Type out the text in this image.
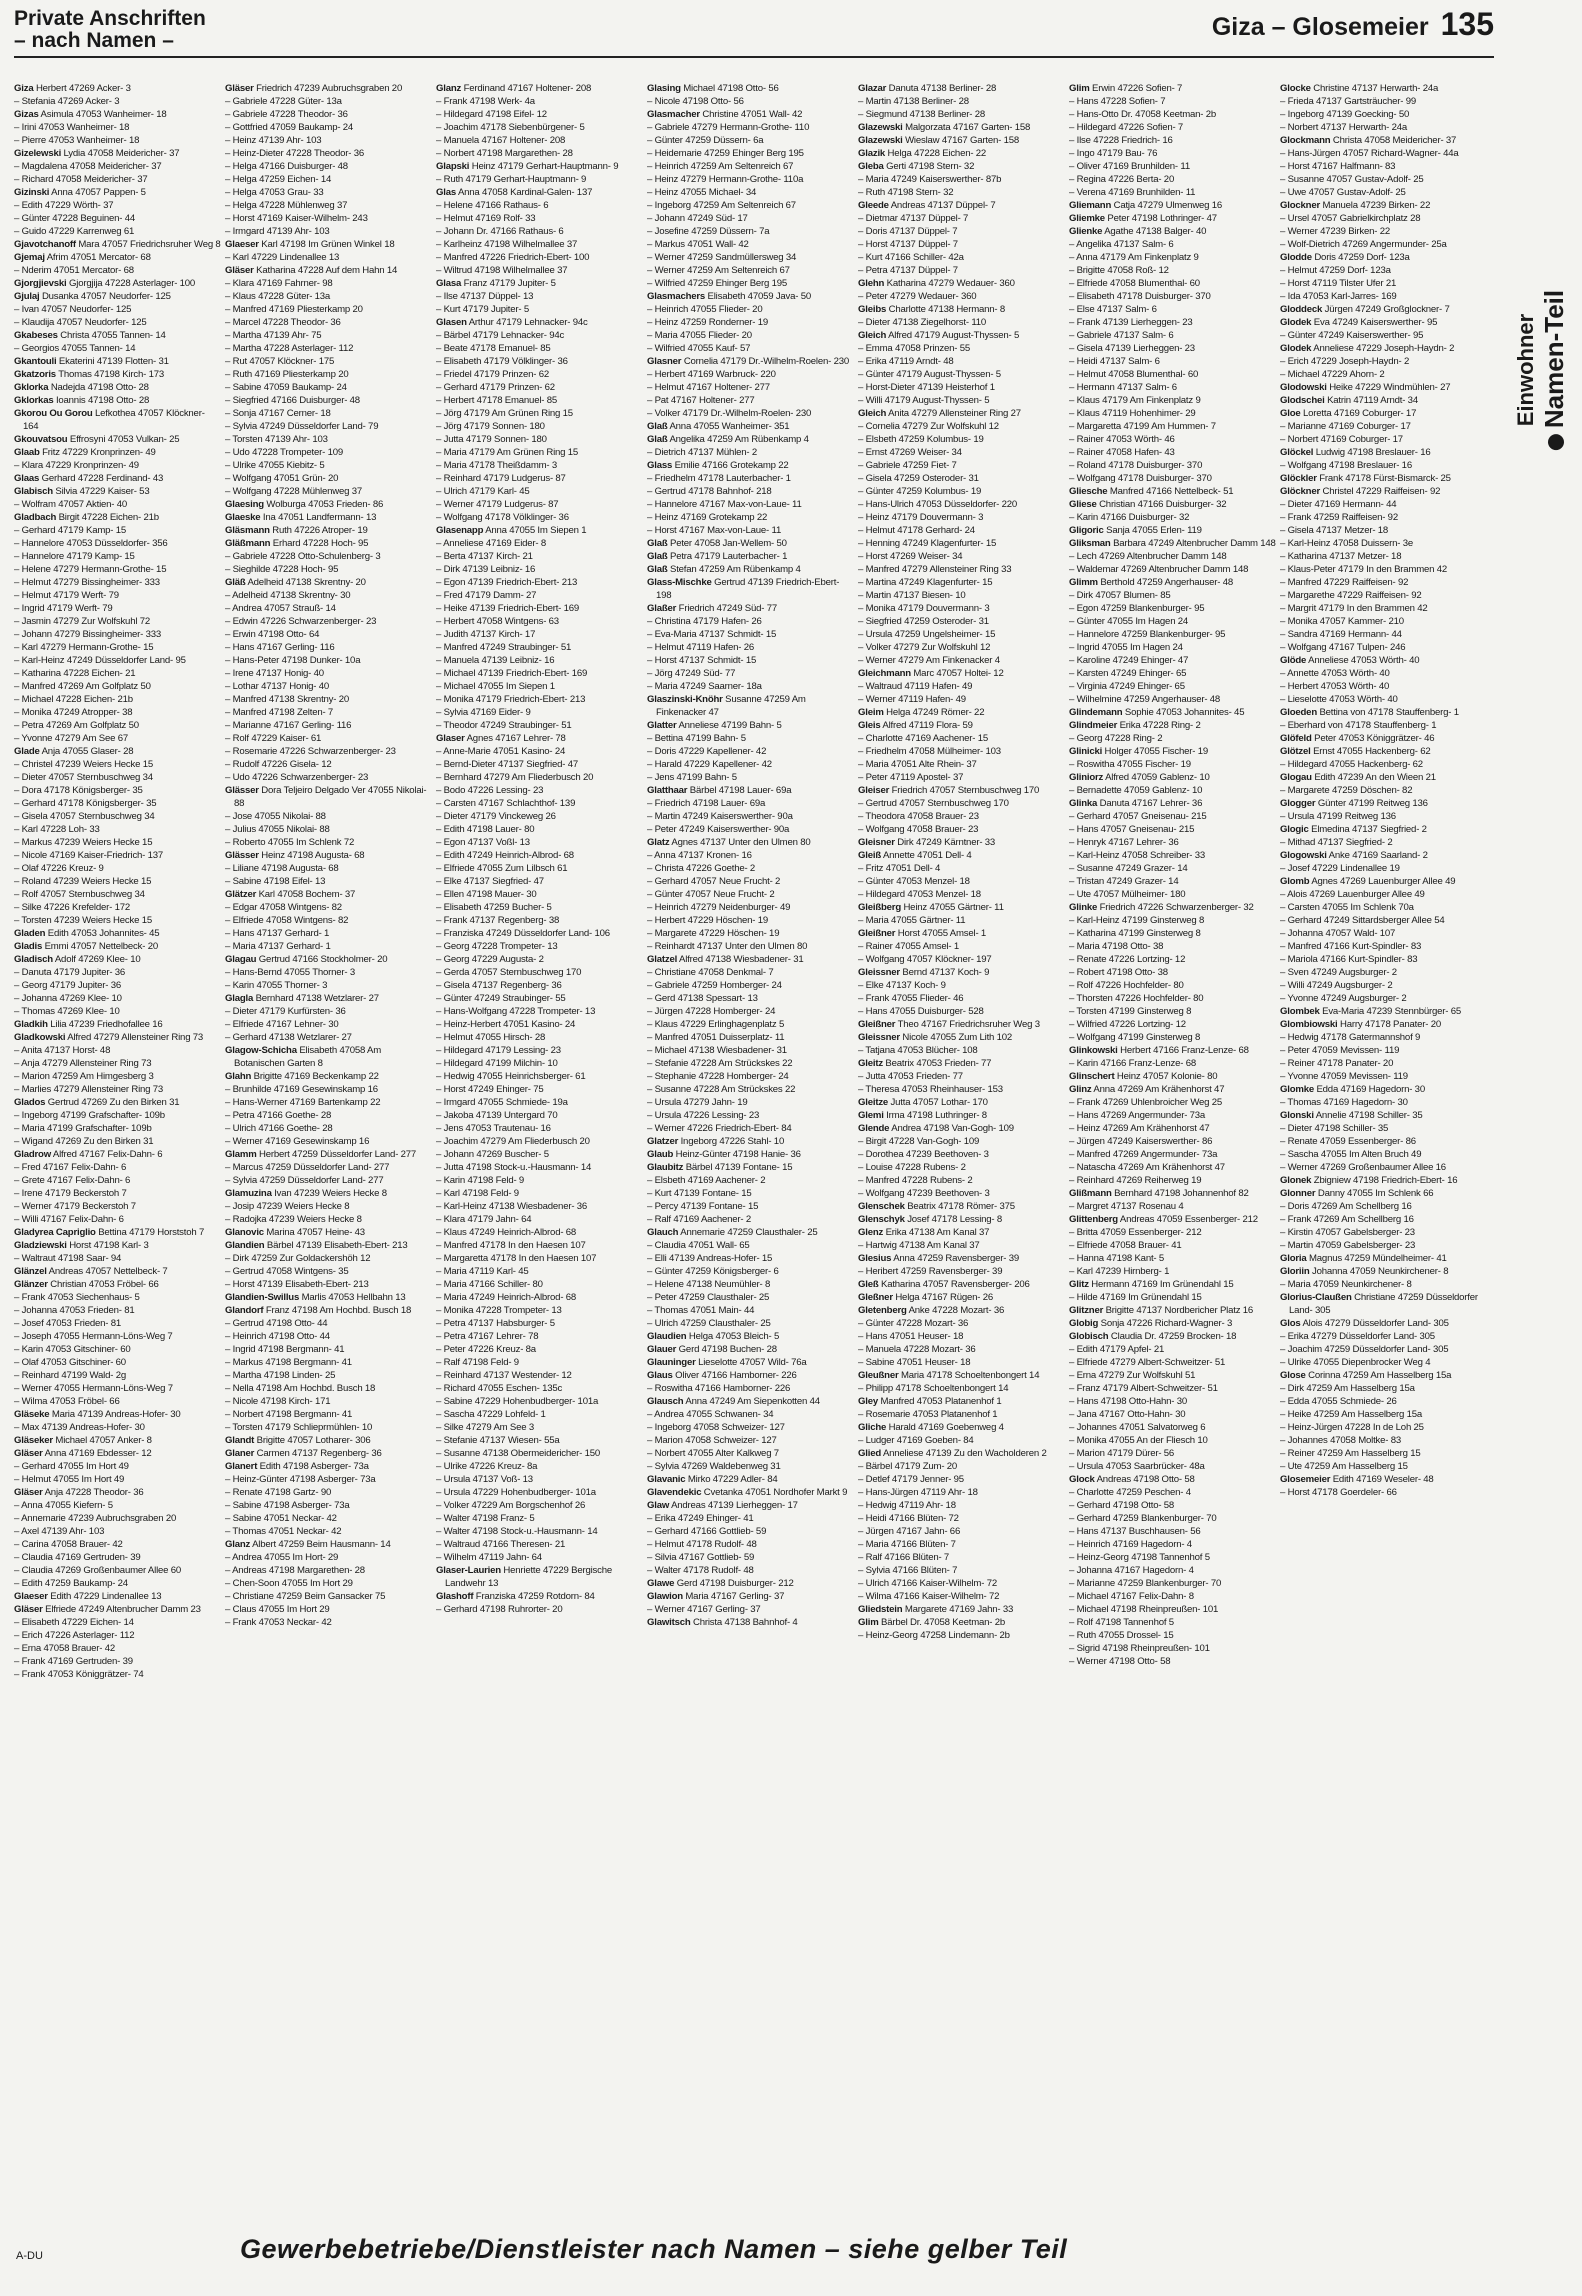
Private Anschriften
– nach Namen –	Giza – Glosemeier 135

Giza Herbert 47269 Acker- 3

– Stefania 47269 Acker- 3

Gizas Asimula 47053 Wanheimer- 18

– Irini 47053 Wanheimer- 18

– Pierre 47053 Wanheimer- 18

Gizelewski Lydia 47058 Meidericher- 37

– Magdalena 47058 Meidericher- 37

– Richard 47058 Meidericher- 37

Gizinski Anna 47057 Pappen- 5

– Edith 47229 Wörth- 37

– Günter 47228 Beguinen- 44

– Guido 47229 Karrenweg 61

Gjavotchanoff Mara 47057 Friedrichsruher Weg 8

Gjemaj Afrim 47051 Mercator- 68

– Nderim 47051 Mercator- 68

Gjorgjievski Gjorgjija 47228 Asterlager- 100

Gjulaj Dusanka 47057 Neudorfer- 125

– Ivan 47057 Neudorfer- 125

– Klaudija 47057 Neudorfer- 125

Gkabeses Christa 47055 Tannen- 14

– Georgios 47055 Tannen- 14

Gkantouli Ekaterini 47139 Flotten- 31

Gkatzoris Thomas 47198 Kirch- 173

Gklorka Nadejda 47198 Otto- 28

Gklorkas Ioannis 47198 Otto- 28

Gkorou Ou Gorou Lefkothea 47057 Klöckner- 164

Gkouvatsou Effrosyni 47053 Vulkan- 25

Glaab Fritz 47229 Kronprinzen- 49

– Klara 47229 Kronprinzen- 49

Glaas Gerhard 47228 Ferdinand- 43

Glabisch Silvia 47229 Kaiser- 53

– Wolfram 47057 Aktien- 40

Gladbach Birgit 47228 Eichen- 21b

– Gerhard 47179 Kamp- 15

– Hannelore 47053 Düsseldorfer- 356

– Hannelore 47179 Kamp- 15

– Helene 47279 Hermann-Grothe- 15

– Helmut 47279 Bissingheimer- 333

– Helmut 47179 Werft- 79

– Ingrid 47179 Werft- 79

– Jasmin 47279 Zur Wolfskuhl 72

– Johann 47279 Bissingheimer- 333

– Karl 47279 Hermann-Grothe- 15

– Karl-Heinz 47249 Düsseldorfer Land- 95

– Katharina 47228 Eichen- 21

– Manfred 47269 Am Golfplatz 50

– Michael 47228 Eichen- 21b

– Monika 47249 Atropper- 38

– Petra 47269 Am Golfplatz 50

– Yvonne 47279 Am See 67

Glade Anja 47055 Glaser- 28

– Christel 47239 Weiers Hecke 15

– Dieter 47057 Sternbuschweg 34

– Dora 47178 Königsberger- 35

– Gerhard 47178 Königsberger- 35

– Gisela 47057 Sternbuschweg 34

– Karl 47228 Loh- 33

– Markus 47239 Weiers Hecke 15

– Nicole 47169 Kaiser-Friedrich- 137

– Olaf 47226 Kreuz- 9

– Roland 47239 Weiers Hecke 15

– Rolf 47057 Sternbuschweg 34

– Silke 47226 Krefelder- 172

– Torsten 47239 Weiers Hecke 15

Gladen Edith 47053 Johannites- 45

Gladis Emmi 47057 Nettelbeck- 20

Gladisch Adolf 47269 Klee- 10

– Danuta 47179 Jupiter- 36

– Georg 47179 Jupiter- 36

– Johanna 47269 Klee- 10

– Thomas 47269 Klee- 10

Gladkih Lilia 47239 Friedhofallee 16

Gladkowski Alfred 47279 Allensteiner Ring 73

– Anita 47137 Horst- 48

– Anja 47279 Allensteiner Ring 73

– Marion 47259 Am Himgesberg 3

– Marlies 47279 Allensteiner Ring 73

Glados Gertrud 47269 Zu den Birken 31

– Ingeborg 47199 Grafschafter- 109b

– Maria 47199 Grafschafter- 109b

– Wigand 47269 Zu den Birken 31

Gladrow Alfred 47167 Felix-Dahn- 6

– Fred 47167 Felix-Dahn- 6

– Grete 47167 Felix-Dahn- 6

– Irene 47179 Beckerstoh 7

– Werner 47179 Beckerstoh 7

– Willi 47167 Felix-Dahn- 6

Gladyrea Capriglio Bettina 47179 Horststoh 7

Gladziewski Horst 47198 Karl- 3

– Waltraut 47198 Saar- 94

Glänzel Andreas 47057 Nettelbeck- 7

Glänzer Christian 47053 Fröbel- 66

– Frank 47053 Siechenhaus- 5

– Johanna 47053 Frieden- 81

– Josef 47053 Frieden- 81

– Joseph 47055 Hermann-Löns-Weg 7

– Karin 47053 Gitschiner- 60

– Olaf 47053 Gitschiner- 60

– Reinhard 47199 Wald- 2g

– Werner 47055 Hermann-Löns-Weg 7

– Wilma 47053 Fröbel- 66

Gläseke Maria 47139 Andreas-Hofer- 30

– Max 47139 Andreas-Hofer- 30

Gläseker Michael 47057 Anker- 8

Gläser Anna 47169 Ebdesser- 12

– Gerhard 47055 Im Hort 49

– Helmut 47055 Im Hort 49

Gläser Anja 47228 Theodor- 36

– Anna 47055 Kiefern- 5

– Annemarie 47239 Aubruchsgraben 20

– Axel 47139 Ahr- 103

– Carina 47058 Brauer- 42

– Claudia 47169 Gertruden- 39

– Claudia 47269 Großenbaumer Allee 60

– Edith 47259 Baukamp- 24

Glaeser Edith 47229 Lindenallee 13

Gläser Elfriede 47249 Altenbrucher Damm 23

– Elisabeth 47229 Eichen- 14

– Erich 47226 Asterlager- 112

– Erna 47058 Brauer- 42

– Frank 47169 Gertruden- 39

– Frank 47053 Königgrätzer- 74

Gläser Friedrich 47239 Aubruchsgraben 20

– Gabriele 47228 Güter- 13a

– Gabriele 47228 Theodor- 36

– Gottfried 47059 Baukamp- 24

– Heinz 47139 Ahr- 103

– Heinz-Dieter 47228 Theodor- 36

– Helga 47166 Duisburger- 48

– Helga 47259 Eichen- 14

– Helga 47053 Grau- 33

– Helga 47228 Mühlenweg 37

– Horst 47169 Kaiser-Wilhelm- 243

– Irmgard 47139 Ahr- 103

Glaeser Karl 47198 Im Grünen Winkel 18

– Karl 47229 Lindenallee 13

Gläser Katharina 47228 Auf dem Hahn 14

– Klara 47169 Fahrner- 98

– Klaus 47228 Güter- 13a

– Manfred 47169 Pliesterkamp 20

– Marcel 47228 Theodor- 36

– Martha 47139 Ahr- 75

– Martha 47228 Asterlager- 112

– Rut 47057 Klöckner- 175

– Ruth 47169 Pliesterkamp 20

– Sabine 47059 Baukamp- 24

– Siegfried 47166 Duisburger- 48

– Sonja 47167 Cerner- 18

– Sylvia 47249 Düsseldorfer Land- 79

– Torsten 47139 Ahr- 103

– Udo 47228 Trompeter- 109

– Ulrike 47055 Kiebitz- 5

– Wolfgang 47051 Grün- 20

– Wolfgang 47228 Mühlenweg 37

Glaesing Wolburga 47053 Frieden- 86

Glaeske Ina 47051 Landfermann- 13

Gläsmann Ruth 47226 Atroper- 19

Gläßmann Erhard 47228 Hoch- 95

– Gabriele 47228 Otto-Schulenberg- 3

– Sieghilde 47228 Hoch- 95

Gläß Adelheid 47138 Skrentny- 20

– Adelheid 47138 Skrentny- 30

– Andrea 47057 Strauß- 14

– Edwin 47226 Schwarzenberger- 23

– Erwin 47198 Otto- 64

– Hans 47167 Gerling- 116

– Hans-Peter 47198 Dunker- 10a

– Irene 47137 Honig- 40

– Lothar 47137 Honig- 40

– Manfred 47138 Skrentny- 20

– Manfred 47198 Zelten- 7

– Marianne 47167 Gerling- 116

– Rolf 47229 Kaiser- 61

– Rosemarie 47226 Schwarzenberger- 23

– Rudolf 47226 Gisela- 12

– Udo 47226 Schwarzenberger- 23

Glässer Dora Teljeiro Delgado Ver 47055 Nikolai- 88

– Jose 47055 Nikolai- 88

– Julius 47055 Nikolai- 88

– Roberto 47055 Im Schlenk 72

Glässer Heinz 47198 Augusta- 68

– Liliane 47198 Augusta- 68

– Sabine 47198 Eifel- 13

Glätzer Karl 47058 Bochem- 37

– Edgar 47058 Wintgens- 82

– Elfriede 47058 Wintgens- 82

– Hans 47137 Gerhard- 1

– Maria 47137 Gerhard- 1

Glagau Gertrud 47166 Stockholmer- 20

– Hans-Bernd 47055 Thorner- 3

– Karin 47055 Thorner- 3

Glagla Bernhard 47138 Wetzlarer- 27

– Dieter 47179 Kurfürsten- 36

– Elfriede 47167 Lehner- 30

– Gerhard 47138 Wetzlarer- 27

Glagow-Schicha Elisabeth 47058 Am Botanischen Garten 8

Glahn Brigitte 47169 Beckenkamp 22

– Brunhilde 47169 Gesewinskamp 16

– Hans-Werner 47169 Bartenkamp 22

– Petra 47166 Goethe- 28

– Ulrich 47166 Goethe- 28

– Werner 47169 Gesewinskamp 16

Glamm Herbert 47259 Düsseldorfer Land- 277

– Marcus 47259 Düsseldorfer Land- 277

– Sylvia 47259 Düsseldorfer Land- 277

Glamuzina Ivan 47239 Weiers Hecke 8

– Josip 47239 Weiers Hecke 8

– Radojka 47239 Weiers Hecke 8

Glanovic Marina 47057 Heine- 43

Glandien Bärbel 47139 Elisabeth-Ebert- 213

– Dirk 47259 Zur Goldackershöh 12

– Gertrud 47058 Wintgens- 35

– Horst 47139 Elisabeth-Ebert- 213

Glandien-Swillus Marlis 47053 Hellbahn 13

Glandorf Franz 47198 Am Hochbd. Busch 18

– Gertrud 47198 Otto- 44

– Heinrich 47198 Otto- 44

– Ingrid 47198 Bergmann- 41

– Markus 47198 Bergmann- 41

– Martha 47198 Linden- 25

– Nella 47198 Am Hochbd. Busch 18

– Nicole 47198 Kirch- 171

– Norbert 47198 Bergmann- 41

– Torsten 47179 Schlieprmühlen- 10

Glandt Brigitte 47057 Lotharer- 306

Glaner Carmen 47137 Regenberg- 36

Glanert Edith 47198 Asberger- 73a

– Heinz-Günter 47198 Asberger- 73a

– Renate 47198 Gartz- 90

– Sabine 47198 Asberger- 73a

– Sabine 47051 Neckar- 42

– Thomas 47051 Neckar- 42

Glanz Albert 47259 Beim Hausmann- 14

– Andrea 47055 Im Hort- 29

– Andreas 47198 Margarethen- 28

– Chen-Soon 47055 Im Hort 29

– Christiane 47259 Beim Gansacker 75

– Claus 47055 Im Hort 29

– Frank 47053 Neckar- 42

Glanz Ferdinand 47167 Holtener- 208

– Frank 47198 Werk- 4a

– Hildegard 47198 Eifel- 12

– Joachim 47178 Siebenbürgener- 5

– Manuela 47167 Holtener- 208

– Norbert 47198 Margarethen- 28

Glapski Heinz 47179 Gerhart-Hauptmann- 9

– Ruth 47179 Gerhart-Hauptmann- 9

Glas Anna 47058 Kardinal-Galen- 137

– Helene 47166 Rathaus- 6

– Helmut 47169 Rolf- 33

– Johann Dr. 47166 Rathaus- 6

– Karlheinz 47198 Wilhelmallee 37

– Manfred 47226 Friedrich-Ebert- 100

– Wiltrud 47198 Wilhelmallee 37

Glasa Franz 47179 Jupiter- 5

– Ilse 47137 Düppel- 13

– Kurt 47179 Jupiter- 5

Glasen Arthur 47179 Lehnacker- 94c

– Bärbel 47179 Lehnacker- 94c

– Beate 47178 Emanuel- 85

– Elisabeth 47179 Völklinger- 36

– Friedel 47179 Prinzen- 62

– Gerhard 47179 Prinzen- 62

– Herbert 47178 Emanuel- 85

– Jörg 47179 Am Grünen Ring 15

– Jörg 47179 Sonnen- 180

– Jutta 47179 Sonnen- 180

– Maria 47179 Am Grünen Ring 15

– Maria 47178 Theißdamm- 3

– Reinhard 47179 Ludgerus- 87

– Ulrich 47179 Karl- 45

– Werner 47179 Ludgerus- 87

– Wolfgang 47178 Völklinger- 36

Glasenapp Anna 47055 Im Siepen 1

– Anneliese 47169 Eider- 8

– Berta 47137 Kirch- 21

– Dirk 47139 Leibniz- 16

– Egon 47139 Friedrich-Ebert- 213

– Fred 47179 Damm- 27

– Heike 47139 Friedrich-Ebert- 169

– Herbert 47058 Wintgens- 63

– Judith 47137 Kirch- 17

– Manfred 47249 Straubinger- 51

– Manuela 47139 Leibniz- 16

– Michael 47139 Friedrich-Ebert- 169

– Michael 47055 Im Siepen 1

– Monika 47179 Friedrich-Ebert- 213

– Sylvia 47169 Eider- 9

– Theodor 47249 Straubinger- 51

Glaser Agnes 47167 Lehrer- 78

– Anne-Marie 47051 Kasino- 24

– Bernd-Dieter 47137 Siegfried- 47

– Bernhard 47279 Am Fliederbusch 20

– Bodo 47226 Lessing- 23

– Carsten 47167 Schlachthof- 139

– Dieter 47179 Vinckeweg 26

– Edith 47198 Lauer- 80

– Egon 47137 Voßl- 13

– Edith 47249 Heinrich-Albrod- 68

– Elfriede 47055 Zum Lilbsch 61

– Elke 47137 Siegfried- 47

– Ellen 47198 Mauer- 30

– Elisabeth 47259 Bucher- 5

– Frank 47137 Regenberg- 38

– Franziska 47249 Düsseldorfer Land- 106

– Georg 47228 Trompeter- 13

– Georg 47229 Augusta- 2

– Gerda 47057 Sternbuschweg 170

– Gisela 47137 Regenberg- 36

– Günter 47249 Straubinger- 55

– Hans-Wolfgang 47228 Trompeter- 13

– Heinz-Herbert 47051 Kasino- 24

– Helmut 47055 Hirsch- 28

– Hildegard 47179 Lessing- 23

– Hildegard 47199 Milchin- 10

– Hedwig 47055 Heinrichsberger- 61

– Horst 47249 Ehinger- 75

– Irmgard 47055 Schmiede- 19a

– Jakoba 47139 Untergard 70

– Jens 47053 Trautenau- 16

– Joachim 47279 Am Fliederbusch 20

– Johann 47269 Buscher- 5

– Jutta 47198 Stock-u.-Hausmann- 14

– Karin 47198 Feld- 9

– Karl 47198 Feld- 9

– Karl-Heinz 47138 Wiesbadener- 36

– Klara 47179 Jahn- 64

– Klaus 47249 Heinrich-Albrod- 68

– Manfred 47178 In den Haesen 107

– Margaretta 47178 In den Haesen 107

– Maria 47119 Karl- 45

– Maria 47166 Schiller- 80

– Maria 47249 Heinrich-Albrod- 68

– Monika 47228 Trompeter- 13

– Petra 47137 Habsburger- 5

– Petra 47167 Lehrer- 78

– Peter 47226 Kreuz- 8a

– Ralf 47198 Feld- 9

– Reinhard 47137 Westender- 12

– Richard 47055 Eschen- 135c

– Sabine 47229 Hohenbudberger- 101a

– Sascha 47229 Lohfeld- 1

– Silke 47279 Am See 3

– Stefanie 47137 Wiesen- 55a

– Susanne 47138 Obermeidericher- 150

– Ulrike 47226 Kreuz- 8a

– Ursula 47137 Voß- 13

– Ursula 47229 Hohenbudberger- 101a

– Volker 47229 Am Borgschenhof 26

– Walter 47198 Franz- 5

– Walter 47198 Stock-u.-Hausmann- 14

– Waltraud 47166 Theresen- 21

– Wilhelm 47119 Jahn- 64

Glaser-Laurien Henriette 47229 Bergische Landwehr 13

Glashoff Franziska 47259 Rotdorn- 84

– Gerhard 47198 Ruhrorter- 20

Glasing Michael 47198 Otto- 56

– Nicole 47198 Otto- 56

Glasmacher Christine 47051 Wall- 42

– Gabriele 47279 Hermann-Grothe- 110

– Günter 47259 Düssern- 6a

– Heidemarie 47259 Ehinger Berg 195

– Heinrich 47259 Am Seltenreich 67

– Heinz 47279 Hermann-Grothe- 110a

– Heinz 47055 Michael- 34

– Ingeborg 47259 Am Seltenreich 67

– Johann 47249 Süd- 17

– Josefine 47259 Düssern- 7a

– Markus 47051 Wall- 42

– Werner 47259 Sandmüllersweg 34

– Werner 47259 Am Seltenreich 67

– Wilfried 47259 Ehinger Berg 195

Glasmachers Elisabeth 47059 Java- 50

– Heinrich 47055 Flieder- 20

– Heinz 47259 Ronderner- 19

– Maria 47055 Flieder- 20

– Wilfried 47055 Kauf- 57

Glasner Cornelia 47179 Dr.-Wilhelm-Roelen- 230

– Herbert 47169 Warbruck- 220

– Helmut 47167 Holtener- 277

– Pat 47167 Holtener- 277

– Volker 47179 Dr.-Wilhelm-Roelen- 230

Glaß Anna 47055 Wanheimer- 351

Glaß Angelika 47259 Am Rübenkamp 4

– Dietrich 47137 Mühlen- 2

Glass Emilie 47166 Grotekamp 22

– Friedhelm 47178 Lauterbacher- 1

– Gertrud 47178 Bahnhof- 218

– Hannelore 47167 Max-von-Laue- 11

– Heinz 47169 Grotekamp 22

– Horst 47167 Max-von-Laue- 11

Glaß Peter 47058 Jan-Wellem- 50

Glaß Petra 47179 Lauterbacher- 1

Glaß Stefan 47259 Am Rübenkamp 4

Glass-Mischke Gertrud 47139 Friedrich-Ebert- 198

Glaßer Friedrich 47249 Süd- 77

– Christina 47179 Hafen- 26

– Eva-Maria 47137 Schmidt- 15

– Helmut 47119 Hafen- 26

– Horst 47137 Schmidt- 15

– Jörg 47249 Süd- 77

– Maria 47249 Saarner- 18a

Glaszinski-Knöhr Susanne 47259 Am Finkenacker 47

Glatter Anneliese 47199 Bahn- 5

– Bettina 47199 Bahn- 5

– Doris 47229 Kapellener- 42

– Harald 47229 Kapellener- 42

– Jens 47199 Bahn- 5

Glatthaar Bärbel 47198 Lauer- 69a

– Friedrich 47198 Lauer- 69a

– Martin 47249 Kaiserswerther- 90a

– Peter 47249 Kaiserswerther- 90a

Glatz Agnes 47137 Unter den Ulmen 80

– Anna 47137 Kronen- 16

– Christa 47226 Goethe- 2

– Gerhard 47057 Neue Frucht- 2

– Günter 47057 Neue Frucht- 2

– Heinrich 47279 Neidenburger- 49

– Herbert 47229 Höschen- 19

– Margarete 47229 Höschen- 19

– Reinhardt 47137 Unter den Ulmen 80

Glatzel Alfred 47138 Wiesbadener- 31

– Christiane 47058 Denkmal- 7

– Gabriele 47259 Homberger- 24

– Gerd 47138 Spessart- 13

– Jürgen 47228 Homberger- 24

– Klaus 47229 Erlinghagenplatz 5

– Manfred 47051 Duisserplatz- 11

– Michael 47138 Wiesbadener- 31

– Stefanie 47228 Am Strückskes 22

– Stephanie 47228 Homberger- 24

– Susanne 47228 Am Strückskes 22

– Ursula 47279 Jahn- 19

– Ursula 47226 Lessing- 23

– Werner 47226 Friedrich-Ebert- 84

Glatzer Ingeborg 47226 Stahl- 10

Glaub Heinz-Günter 47198 Hanie- 36

Glaubitz Bärbel 47139 Fontane- 15

– Elsbeth 47169 Aachener- 2

– Kurt 47139 Fontane- 15

– Percy 47139 Fontane- 15

– Ralf 47169 Aachener- 2

Glauch Annemarie 47259 Clausthaler- 25

– Claudia 47051 Wall- 65

– Elli 47139 Andreas-Hofer- 15

– Günter 47259 Königsberger- 6

– Helene 47138 Neumühler- 8

– Peter 47259 Clausthaler- 25

– Thomas 47051 Main- 44

– Ulrich 47259 Clausthaler- 25

Glaudien Helga 47053 Bleich- 5

Glauer Gerd 47198 Buchen- 28

Glauninger Lieselotte 47057 Wild- 76a

Glaus Oliver 47166 Hamborner- 226

– Roswitha 47166 Hamborner- 226

Glausch Anna 47249 Am Siepenkotten 44

– Andrea 47055 Schwanen- 34

– Ingeborg 47058 Schweizer- 127

– Marion 47058 Schweizer- 127

– Norbert 47055 Alter Kalkweg 7

– Sylvia 47269 Waldebenweg 31

Glavanic Mirko 47229 Adler- 84

Glavendekic Cvetanka 47051 Nordhofer Markt 9

Glaw Andreas 47139 Lierheggen- 17

– Erika 47249 Ehinger- 41

– Gerhard 47166 Gottlieb- 59

– Helmut 47178 Rudolf- 48

– Silvia 47167 Gottlieb- 59

– Walter 47178 Rudolf- 48

Glawe Gerd 47198 Duisburger- 212

Glawion Maria 47167 Gerling- 37

– Werner 47167 Gerling- 37

Glawitsch Christa 47138 Bahnhof- 4

Glazar Danuta 47138 Berliner- 28

– Martin 47138 Berliner- 28

– Siegmund 47138 Berliner- 28

Glazewski Malgorzata 47167 Garten- 158

Glazewski Wieslaw 47167 Garten- 158

Glazik Helga 47228 Eichen- 22

Gleba Gerti 47198 Stern- 32

– Maria 47249 Kaiserswerther- 87b

– Ruth 47198 Stern- 32

Gleede Andreas 47137 Düppel- 7

– Dietmar 47137 Düppel- 7

– Doris 47137 Düppel- 7

– Horst 47137 Düppel- 7

– Kurt 47166 Schiller- 42a

– Petra 47137 Düppel- 7

Glehn Katharina 47279 Wedauer- 360

– Peter 47279 Wedauer- 360

Gleibs Charlotte 47138 Hermann- 8

– Dieter 47138 Ziegelhorst- 110

Gleich Alfred 47179 August-Thyssen- 5

– Emma 47058 Prinzen- 55

– Erika 47119 Arndt- 48

– Günter 47179 August-Thyssen- 5

– Horst-Dieter 47139 Heisterhof 1

– Willi 47179 August-Thyssen- 5

Gleich Anita 47279 Allensteiner Ring 27

– Cornelia 47279 Zur Wolfskuhl 12

– Elsbeth 47259 Kolumbus- 19

– Ernst 47269 Weiser- 34

– Gabriele 47259 Fiet- 7

– Gisela 47259 Osteroder- 31

– Günter 47259 Kolumbus- 19

– Hans-Ulrich 47053 Düsseldorfer- 220

– Heinz 47179 Douvermann- 3

– Helmut 47178 Gerhard- 24

– Henning 47249 Klagenfurter- 15

– Horst 47269 Weiser- 34

– Manfred 47279 Allensteiner Ring 33

– Martina 47249 Klagenfurter- 15

– Martin 47137 Biesen- 10

– Monika 47179 Douvermann- 3

– Siegfried 47259 Osteroder- 31

– Ursula 47259 Ungelsheimer- 15

– Volker 47279 Zur Wolfskuhl 12

– Werner 47279 Am Finkenacker 4

Gleichmann Marc 47057 Holtei- 12

– Waltraud 47119 Hafen- 49

– Werner 47119 Hafen- 49

Gleim Helga 47249 Römer- 22

Gleis Alfred 47119 Flora- 59

– Charlotte 47169 Aachener- 15

– Friedhelm 47058 Mülheimer- 103

– Maria 47051 Alte Rhein- 37

– Peter 47119 Apostel- 37

Gleiser Friedrich 47057 Sternbuschweg 170

– Gertrud 47057 Sternbuschweg 170

– Theodora 47058 Brauer- 23

– Wolfgang 47058 Brauer- 23

Gleisner Dirk 47249 Kärntner- 33

Gleiß Annette 47051 Dell- 4

– Fritz 47051 Dell- 4

– Günter 47053 Menzel- 18

– Hildegard 47053 Menzel- 18

Gleißberg Heinz 47055 Gärtner- 11

– Maria 47055 Gärtner- 11

Gleißner Horst 47055 Amsel- 1

– Rainer 47055 Amsel- 1

– Wolfgang 47057 Klöckner- 197

Gleissner Bernd 47137 Koch- 9

– Elke 47137 Koch- 9

– Frank 47055 Flieder- 46

– Hans 47055 Duisburger- 528

Gleißner Theo 47167 Friedrichsruher Weg 3

Gleissner Nicole 47055 Zum Lith 102

– Tatjana 47053 Blücher- 108

Gleitz Beatrix 47053 Frieden- 77

– Jutta 47053 Frieden- 77

– Theresa 47053 Rheinhauser- 153

Gleitze Jutta 47057 Lothar- 170

Glemi Irma 47198 Luthringer- 8

Glende Andrea 47198 Van-Gogh- 109

– Birgit 47228 Van-Gogh- 109

– Dorothea 47239 Beethoven- 3

– Louise 47228 Rubens- 2

– Manfred 47228 Rubens- 2

– Wolfgang 47239 Beethoven- 3

Glenschek Beatrix 47178 Römer- 375

Glenschyk Josef 47178 Lessing- 8

Glenz Erika 47138 Am Kanal 37

– Hartwig 47138 Am Kanal 37

Glesius Anna 47259 Ravensberger- 39

– Heribert 47259 Ravensberger- 39

Gleß Katharina 47057 Ravensberger- 206

Gleßner Helga 47167 Rügen- 26

Gletenberg Anke 47228 Mozart- 36

– Günter 47228 Mozart- 36

– Hans 47051 Heuser- 18

– Manuela 47228 Mozart- 36

– Sabine 47051 Heuser- 18

Gleußner Maria 47178 Schoeltenbongert 14

– Philipp 47178 Schoeltenbongert 14

Gley Manfred 47053 Platanenhof 1

– Rosemarie 47053 Platanenhof 1

Gliche Harald 47169 Goebenweg 4

– Ludger 47169 Goeben- 84

Glied Anneliese 47139 Zu den Wacholderen 2

– Bärbel 47179 Zum- 20

– Detlef 47179 Jenner- 95

– Hans-Jürgen 47119 Ahr- 18

– Hedwig 47119 Ahr- 18

– Heidi 47166 Blüten- 72

– Jürgen 47167 Jahn- 66

– Maria 47166 Blüten- 7

– Ralf 47166 Blüten- 7

– Sylvia 47166 Blüten- 7

– Ulrich 47166 Kaiser-Wilhelm- 72

– Wilma 47166 Kaiser-Wilhelm- 72

Gliedstein Margarete 47169 Jahn- 33

Glim Bärbel Dr. 47058 Keetman- 2b

– Heinz-Georg 47258 Lindemann- 2b

Glim Erwin 47226 Sofien- 7

– Hans 47228 Sofien- 7

– Hans-Otto Dr. 47058 Keetman- 2b

– Hildegard 47226 Sofien- 7

– Ilse 47228 Friedrich- 16

– Ingo 47179 Bau- 76

– Oliver 47169 Brunhilden- 11

– Regina 47226 Berta- 20

– Verena 47169 Brunhilden- 11

Gliemann Catja 47279 Ulmenweg 16

Gliemke Peter 47198 Lothringer- 47

Glienke Agathe 47138 Balger- 40

– Angelika 47137 Salm- 6

– Anna 47179 Am Finkenplatz 9

– Brigitte 47058 Roß- 12

– Elfriede 47058 Blumenthal- 60

– Elisabeth 47178 Duisburger- 370

– Else 47137 Salm- 6

– Frank 47139 Lierheggen- 23

– Gabriele 47137 Salm- 6

– Gisela 47139 Lierheggen- 23

– Heidi 47137 Salm- 6

– Helmut 47058 Blumenthal- 60

– Hermann 47137 Salm- 6

– Klaus 47179 Am Finkenplatz 9

– Klaus 47119 Hohenhimer- 29

– Margaretta 47199 Am Hummen- 7

– Rainer 47053 Wörth- 46

– Rainer 47058 Hafen- 43

– Roland 47178 Duisburger- 370

– Wolfgang 47178 Duisburger- 370

Gliesche Manfred 47166 Nettelbeck- 51

Gliese Christian 47166 Duisburger- 32

– Karin 47166 Duisburger- 32

Gligoric Sanja 47055 Erlen- 119

Gliksman Barbara 47249 Altenbrucher Damm 148

– Lech 47269 Altenbrucher Damm 148

– Waldemar 47269 Altenbrucher Damm 148

Glimm Berthold 47259 Angerhauser- 48

– Dirk 47057 Blumen- 85

– Egon 47259 Blankenburger- 95

– Günter 47055 Im Hagen 24

– Hannelore 47259 Blankenburger- 95

– Ingrid 47055 Im Hagen 24

– Karoline 47249 Ehinger- 47

– Karsten 47249 Ehinger- 65

– Virginia 47249 Ehinger- 65

– Wilhelmine 47259 Angerhauser- 48

Glindemann Sophie 47053 Johannites- 45

Glindmeier Erika 47228 Ring- 2

– Georg 47228 Ring- 2

Glinicki Holger 47055 Fischer- 19

– Roswitha 47055 Fischer- 19

Gliniorz Alfred 47059 Gablenz- 10

– Bernadette 47059 Gablenz- 10

Glinka Danuta 47167 Lehrer- 36

– Gerhard 47057 Gneisenau- 215

– Hans 47057 Gneisenau- 215

– Henryk 47167 Lehrer- 36

– Karl-Heinz 47058 Schreiber- 33

– Susanne 47249 Grazer- 14

– Tristan 47249 Grazer- 14

– Ute 47057 Mülheimer- 180

Glinke Friedrich 47226 Schwarzenberger- 32

– Karl-Heinz 47199 Ginsterweg 8

– Katharina 47199 Ginsterweg 8

– Maria 47198 Otto- 38

– Renate 47226 Lortzing- 12

– Robert 47198 Otto- 38

– Rolf 47226 Hochfelder- 80

– Thorsten 47226 Hochfelder- 80

– Torsten 47199 Ginsterweg 8

– Wilfried 47226 Lortzing- 12

– Wolfgang 47199 Ginsterweg 8

Glinkowski Herbert 47166 Franz-Lenze- 68

– Karin 47166 Franz-Lenze- 68

Glinschert Heinz 47057 Kolonie- 80

Glinz Anna 47269 Am Krähenhorst 47

– Frank 47269 Uhlenbroicher Weg 25

– Hans 47269 Angermunder- 73a

– Heinz 47269 Am Krähenhorst 47

– Jürgen 47249 Kaiserswerther- 86

– Manfred 47269 Angermunder- 73a

– Natascha 47269 Am Krähenhorst 47

– Reinhard 47269 Reiherweg 19

Glißmann Bernhard 47198 Johannenhof 82

– Margret 47137 Rosenau 4

Glittenberg Andreas 47059 Essenberger- 212

– Britta 47059 Essenberger- 212

– Elfriede 47058 Brauer- 41

– Hanna 47198 Kant- 5

– Karl 47239 Hirnberg- 1

Glitz Hermann 47169 Im Grünendahl 15

– Hilde 47169 Im Grünendahl 15

Glitzner Brigitte 47137 Nordbericher Platz 16

Globig Sonja 47226 Richard-Wagner- 3

Globisch Claudia Dr. 47259 Brocken- 18

– Edith 47179 Apfel- 21

– Elfriede 47279 Albert-Schweitzer- 51

– Erna 47279 Zur Wolfskuhl 51

– Franz 47179 Albert-Schweitzer- 51

– Hans 47198 Otto-Hahn- 30

– Jana 47167 Otto-Hahn- 30

– Johannes 47051 Salvatorweg 6

– Monika 47055 An der Fliesch 10

– Marion 47179 Dürer- 56

– Ursula 47053 Saarbrücker- 48a

Glock Andreas 47198 Otto- 58

– Charlotte 47259 Peschen- 4

– Gerhard 47198 Otto- 58

– Gerhard 47259 Blankenburger- 70

– Hans 47137 Buschhausen- 56

– Heinrich 47169 Hagedorn- 4

– Heinz-Georg 47198 Tannenhof 5

– Johanna 47167 Hagedorn- 4

– Marianne 47259 Blankenburger- 70

– Michael 47167 Felix-Dahn- 8

– Michael 47198 Rheinpreußen- 101

– Rolf 47198 Tannenhof 5

– Ruth 47055 Drossel- 15

– Sigrid 47198 Rheinpreußen- 101

– Werner 47198 Otto- 58

Glocke Christine 47137 Herwarth- 24a

– Frieda 47137 Gartsträucher- 99

– Ingeborg 47139 Goecking- 50

– Norbert 47137 Herwarth- 24a

Glockmann Christa 47058 Meidericher- 37

– Hans-Jürgen 47057 Richard-Wagner- 44a

– Horst 47167 Halfmann- 83

– Susanne 47057 Gustav-Adolf- 25

– Uwe 47057 Gustav-Adolf- 25

Glockner Manuela 47239 Birken- 22

– Ursel 47057 Gabrielkirchplatz 28

– Werner 47239 Birken- 22

– Wolf-Dietrich 47269 Angermunder- 25a

Glodde Doris 47259 Dorf- 123a

– Helmut 47259 Dorf- 123a

– Horst 47119 Tilster Ufer 21

– Ida 47053 Karl-Jarres- 169

Gloddeck Jürgen 47249 Großglockner- 7

Glodek Eva 47249 Kaiserswerther- 95

– Günter 47249 Kaiserswerther- 95

Glodek Anneliese 47229 Joseph-Haydn- 2

– Erich 47229 Joseph-Haydn- 2

– Michael 47229 Ahorn- 2

Glodowski Heike 47229 Windmühlen- 27

Glodschei Katrin 47119 Arndt- 34

Gloe Loretta 47169 Coburger- 17

– Marianne 47169 Coburger- 17

– Norbert 47169 Coburger- 17

Glöckel Ludwig 47198 Breslauer- 16

– Wolfgang 47198 Breslauer- 16

Glöckler Frank 47178 Fürst-Bismarck- 25

Glöckner Christel 47229 Raiffeisen- 92

– Dieter 47169 Hermann- 44

– Frank 47259 Raiffeisen- 92

– Gisela 47137 Metzer- 18

– Karl-Heinz 47058 Duissern- 3e

– Katharina 47137 Metzer- 18

– Klaus-Peter 47179 In den Brammen 42

– Manfred 47229 Raiffeisen- 92

– Margarethe 47229 Raiffeisen- 92

– Margrit 47179 In den Brammen 42

– Monika 47057 Kammer- 210

– Sandra 47169 Hermann- 44

– Wolfgang 47167 Tulpen- 246

Glöde Anneliese 47053 Wörth- 40

– Annette 47053 Wörth- 40

– Herbert 47053 Wörth- 40

– Lieselotte 47053 Wörth- 40

Gloeden Bettina von 47178 Stauffenberg- 1

– Eberhard von 47178 Stauffenberg- 1

Glöfeld Peter 47053 Königgrätzer- 46

Glötzel Ernst 47055 Hackenberg- 62

– Hildegard 47055 Hackenberg- 62

Glogau Edith 47239 An den Wieen 21

– Margarete 47259 Döschen- 82

Glogger Günter 47199 Reitweg 136

– Ursula 47199 Reitweg 136

Glogic Elmedina 47137 Siegfried- 2

– Mithad 47137 Siegfried- 2

Glogowski Anke 47169 Saarland- 2

– Josef 47229 Lindenallee 19

Glomb Agnes 47269 Lauenburger Allee 49

– Alois 47269 Lauenburger Allee 49

– Carsten 47055 Im Schlenk 70a

– Gerhard 47249 Sittardsberger Allee 54

– Johanna 47057 Wald- 107

– Manfred 47166 Kurt-Spindler- 83

– Mariola 47166 Kurt-Spindler- 83

– Sven 47249 Augsburger- 2

– Willi 47249 Augsburger- 2

– Yvonne 47249 Augsburger- 2

Glombek Eva-Maria 47239 Stennbürger- 65

Glombiowski Harry 47178 Panater- 20

– Hedwig 47178 Gatermannshof 9

– Peter 47059 Mevissen- 119

– Reiner 47178 Panater- 20

– Yvonne 47059 Mevissen- 119

Glomke Edda 47169 Hagedorn- 30

– Thomas 47169 Hagedorn- 30

Glonski Annelie 47198 Schiller- 35

– Dieter 47198 Schiller- 35

– Renate 47059 Essenberger- 86

– Sascha 47055 Im Alten Bruch 49

– Werner 47269 Großenbaumer Allee 16

Glonek Zbigniew 47198 Friedrich-Ebert- 16

Glonner Danny 47055 Im Schlenk 66

– Doris 47269 Am Schellberg 16

– Frank 47269 Am Schellberg 16

– Kirstin 47057 Gabelsberger- 23

– Martin 47059 Gabelsberger- 23

Gloria Magnus 47259 Mündelheimer- 41

Gloriin Johanna 47059 Neunkirchener- 8

– Maria 47059 Neunkirchener- 8

Glorius-Claußen Christiane 47259 Düsseldorfer Land- 305

Glos Alois 47279 Düsseldorfer Land- 305

– Erika 47279 Düsseldorfer Land- 305

– Joachim 47259 Düsseldorfer Land- 305

– Ulrike 47055 Diepenbrocker Weg 4

Glose Corinna 47259 Am Hasselberg 15a

– Dirk 47259 Am Hasselberg 15a

– Edda 47055 Schmiede- 26

– Heike 47259 Am Hasselberg 15a

– Heinz-Jürgen 47228 In de Loh 25

– Johannes 47058 Moltke- 83

– Reiner 47259 Am Hasselberg 15

– Ute 47259 Am Hasselberg 15

Glosemeier Edith 47169 Weseler- 48

– Horst 47178 Goerdeler- 66

Einwohner Namen-Teil
A-DU	Gewerbebetriebe/Dienstleister nach Namen – siehe gelber Teil
